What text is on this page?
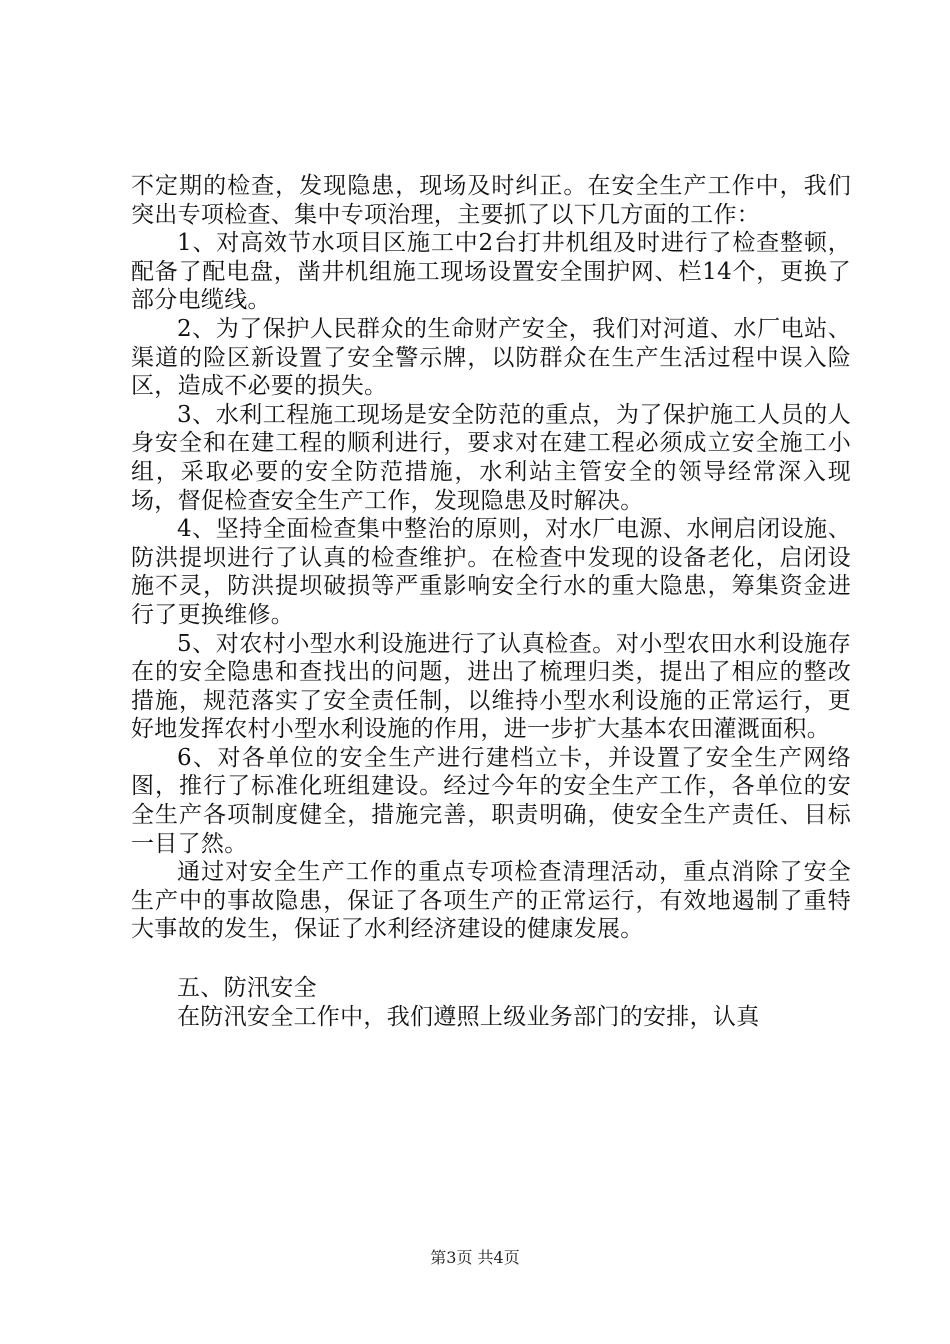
不定期的检查，发现隐患，现场及时纠正。在安全生产工作中，我们突出专项检查、集中专项治理，主要抓了以下几方面的工作：

1、对高效节水项目区施工中2台打井机组及时进行了检查整顿，配备了配电盘，凿井机组施工现场设置安全围护网、栏14个，更换了部分电缆线。

2、为了保护人民群众的生命财产安全，我们对河道、水厂电站、渠道的险区新设置了安全警示牌，以防群众在生产生活过程中误入险区，造成不必要的损失。

3、水利工程施工现场是安全防范的重点，为了保护施工人员的人身安全和在建工程的顺利进行，要求对在建工程必须成立安全施工小组，采取必要的安全防范措施，水利站主管安全的领导经常深入现场，督促检查安全生产工作，发现隐患及时解决。

4、坚持全面检查集中整治的原则，对水厂电源、水闸启闭设施、防洪提坝进行了认真的检查维护。在检查中发现的设备老化，启闭设施不灵，防洪提坝破损等严重影响安全行水的重大隐患，筹集资金进行了更换维修。

5、对农村小型水利设施进行了认真检查。对小型农田水利设施存在的安全隐患和查找出的问题，进出了梳理归类，提出了相应的整改措施，规范落实了安全责任制，以维持小型水利设施的正常运行，更好地发挥农村小型水利设施的作用，进一步扩大基本农田灌溉面积。

6、对各单位的安全生产进行建档立卡，并设置了安全生产网络图，推行了标准化班组建设。经过今年的安全生产工作，各单位的安全生产各项制度健全，措施完善，职责明确，使安全生产责任、目标一目了然。

通过对安全生产工作的重点专项检查清理活动，重点消除了安全生产中的事故隐患，保证了各项生产的正常运行，有效地遏制了重特大事故的发生，保证了水利经济建设的健康发展。

五、防汛安全

在防汛安全工作中，我们遵照上级业务部门的安排，认真

第3页 共4页
